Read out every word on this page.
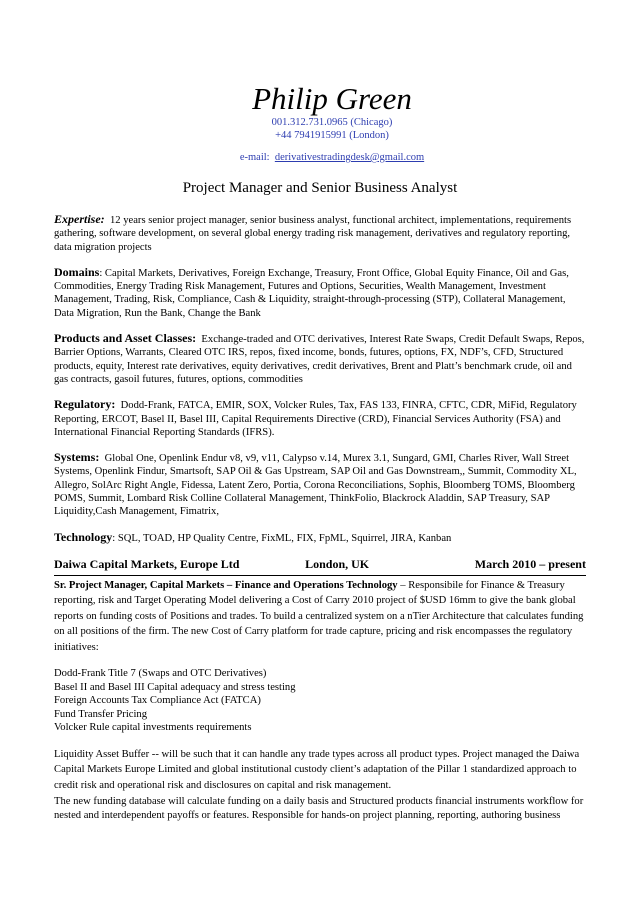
Philip Green
001.312.731.0965 (Chicago)
+44 7941915991 (London)
e-mail: derivativestradingdesk@gmail.com
Project Manager and Senior Business Analyst

Expertise: 12 years senior project manager, senior business analyst, functional architect, implementations, requirements gathering, software development, on several global energy trading risk management, derivatives and regulatory reporting, data migration projects

Domains: Capital Markets, Derivatives, Foreign Exchange, Treasury, Front Office, Global Equity Finance, Oil and Gas, Commodities, Energy Trading Risk Management, Futures and Options, Securities, Wealth Management, Investment Management, Trading, Risk, Compliance, Cash & Liquidity, straight-through-processing (STP), Collateral Management, Data Migration, Run the Bank, Change the Bank

Products and Asset Classes: Exchange-traded and OTC derivatives, Interest Rate Swaps, Credit Default Swaps, Repos, Barrier Options, Warrants, Cleared OTC IRS, repos, fixed income, bonds, futures, options, FX, NDF’s, CFD, Structured products, equity, Interest rate derivatives, equity derivatives, credit derivatives, Brent and Platt’s benchmark crude, oil and gas contracts, gasoil futures, futures, options, commodities

Regulatory: Dodd-Frank, FATCA, EMIR, SOX, Volcker Rules, Tax, FAS 133, FINRA, CFTC, CDR, MiFid, Regulatory Reporting, ERCOT, Basel II, Basel III, Capital Requirements Directive (CRD), Financial Services Authority (FSA) and International Financial Reporting Standards (IFRS).

Systems: Global One, Openlink Endur v8, v9, v11, Calypso v.14, Murex 3.1, Sungard, GMI, Charles River, Wall Street Systems, Openlink Findur, Smartsoft, SAP Oil & Gas Upstream, SAP Oil and Gas Downstream,, Summit, Commodity XL, Allegro, SolArc Right Angle, Fidessa, Latent Zero, Portia, Corona Reconciliations, Sophis, Bloomberg TOMS, Bloomberg POMS, Summit, Lombard Risk Colline Collateral Management, ThinkFolio, Blackrock Aladdin, SAP Treasury, SAP Liquidity,Cash Management, Fimatrix,

Technology: SQL, TOAD, HP Quality Centre, FixML, FIX, FpML, Squirrel, JIRA, Kanban

Daiwa Capital Markets, Europe Ltd	London, UK	March 2010 – present

Sr. Project Manager, Capital Markets – Finance and Operations Technology – Responsibile for Finance & Treasury reporting, risk and Target Operating Model delivering a Cost of Carry 2010 project of $USD 16mm to give the bank global reports on funding costs of Positions and trades. To build a centralized system on a nTier Architecture that calculates funding on all positions of the firm. The new Cost of Carry platform for trade capture, pricing and risk encompasses the regulatory initiatives:

Dodd-Frank Title 7 (Swaps and OTC Derivatives)
Basel II and Basel III Capital adequacy and stress testing
Foreign Accounts Tax Compliance Act (FATCA)
Fund Transfer Pricing
Volcker Rule capital investments requirements

Liquidity Asset Buffer -- will be such that it can handle any trade types across all product types. Project managed the Daiwa Capital Markets Europe Limited and global institutional custody client’s adaptation of the Pillar 1 standardized approach to credit risk and operational risk and disclosures on capital and risk management.

The new funding database will calculate funding on a daily basis and Structured products financial instruments workflow for nested and interdependent payoffs or features. Responsible for hands-on project planning, reporting, authoring business
